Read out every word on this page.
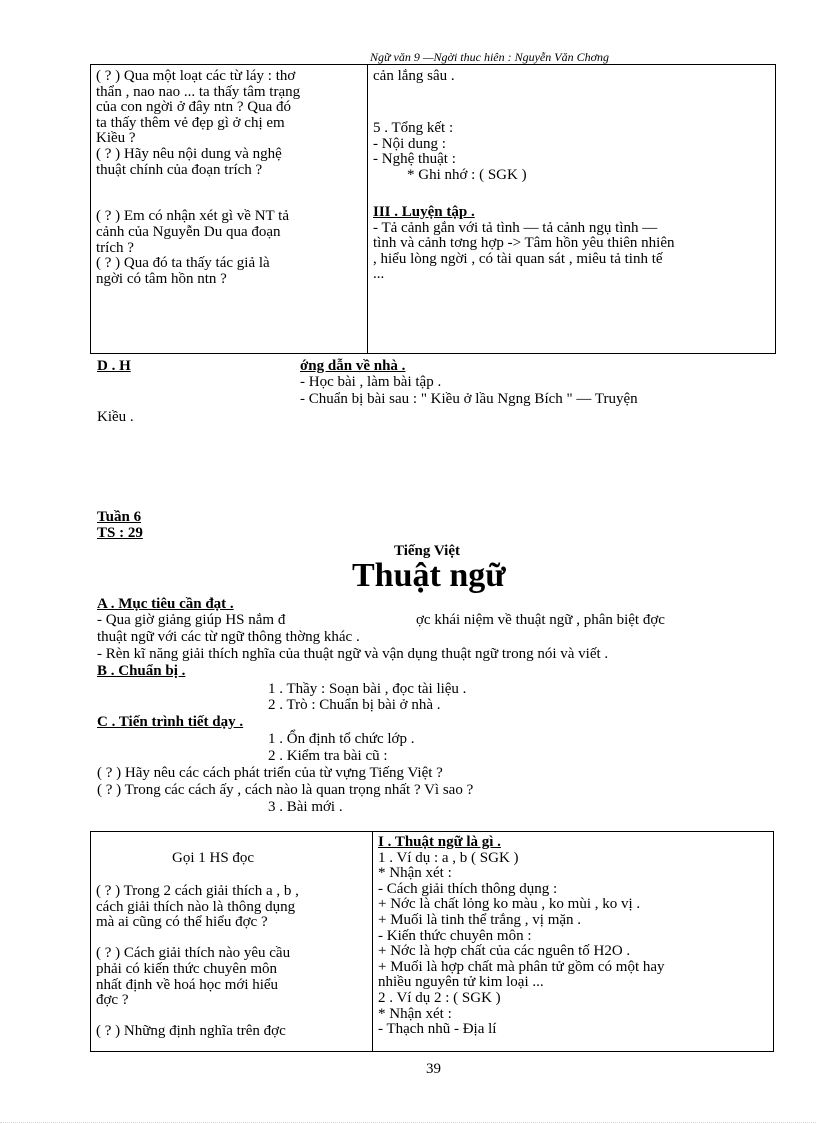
Ngữ văn 9 —Ngời thuc hiên : Nguyễn Văn Chơng
( ? ) Qua một loạt các từ láy : thơ
thẩn , nao nao ... ta thấy tâm trạng
của con ngời ở đây ntn ? Qua đó
ta thấy thêm vẻ đẹp gì ở chị em
Kiều ?
( ? ) Hãy nêu nội dung và nghệ
thuật chính của đoạn trích ?
( ? ) Em có nhận xét gì về NT tả
cảnh của Nguyễn Du qua đoạn
trích ?
( ? ) Qua đó ta thấy tác giả là
ngời có tâm hồn ntn ?
cản lắng sâu .
5 . Tổng kết :
- Nội dung :
- Nghệ thuật :
* Ghi nhớ : ( SGK )
III . Luyện tập .
- Tả cảnh gắn với tả tình — tả cảnh ngụ tình —
tình và cảnh tơng hợp -> Tâm hồn yêu thiên nhiên
, hiểu lòng ngời , có tài quan sát , miêu tả tinh tế
...
D . H	ớng dẫn về nhà .
- Học bài , làm bài tập .
- Chuẩn bị bài sau : " Kiều ở lầu Ngng Bích " — Truyện
Kiều .
Tuần 6
TS : 29
Tiếng Việt
Thuật ngữ
A . Mục tiêu cần đạt .
- Qua giờ giảng giúp HS nắm đ	ợc khái niệm về thuật ngữ , phân biệt đợc
thuật ngữ với các từ ngữ thông thờng khác .
- Rèn kĩ năng giải thích nghĩa của thuật ngữ và vận dụng thuật ngữ trong nói và viết .
B . Chuẩn bị .
1 . Thầy : Soạn bài , đọc tài liệu .
2 . Trò : Chuẩn bị bài ở nhà .
C . Tiến trình tiết dạy .
1 . Ổn định tổ chức lớp .
2 . Kiểm tra bài cũ :
( ? ) Hãy nêu các cách phát triển của từ vựng Tiếng Việt ?
( ? ) Trong các cách ấy , cách nào là quan trọng nhất ? Vì sao ?
3 . Bài mới .
Gọi 1 HS đọc
( ? ) Trong 2 cách giải thích a , b ,
cách giải thích nào là thông dụng
mà ai cũng có thể hiểu đợc ?
( ? ) Cách giải thích nào yêu cầu
phải có kiến thức chuyên môn
nhất định về hoá học mới hiểu
đợc ?
( ? ) Những định nghĩa trên đợc
I . Thuật ngữ là gì .
1 . Ví dụ : a , b ( SGK )
* Nhận xét :
- Cách giải thích thông dụng :
+ Nớc là chất lỏng ko màu , ko mùi , ko vị .
+ Muối là tinh thể trắng , vị mặn .
- Kiến thức chuyên môn :
+ Nớc là hợp chất của các nguên tố H2O .
+ Muối là hợp chất mà phân tử gồm có một hay
nhiều nguyên tử kim loại ...
2 . Ví dụ 2 : ( SGK )
* Nhận xét :
- Thạch nhũ - Địa lí
39
